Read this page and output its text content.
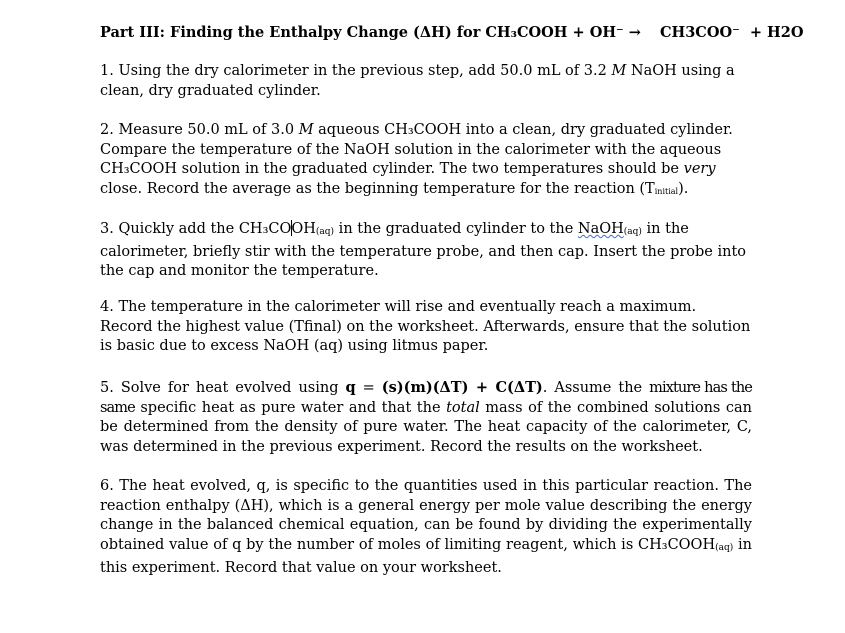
Part III: Finding the Enthalpy Change (ΔH) for CH₃COOH + OH⁻ → CH3COO⁻ + H2O

1. Using the dry calorimeter in the previous step, add 50.0 mL of 3.2 M NaOH using a clean, dry graduated cylinder.

2. Measure 50.0 mL of 3.0 M aqueous CH₃COOH into a clean, dry graduated cylinder. Compare the temperature of the NaOH solution in the calorimeter with the aqueous CH₃COOH solution in the graduated cylinder. The two temperatures should be very close. Record the average as the beginning temperature for the reaction (Tinitial).

3. Quickly add the CH₃COOH(aq) in the graduated cylinder to the NaOH(aq) in the calorimeter, briefly stir with the temperature probe, and then cap. Insert the probe into the cap and monitor the temperature.

4. The temperature in the calorimeter will rise and eventually reach a maximum. Record the highest value (Tfinal) on the worksheet. Afterwards, ensure that the solution is basic due to excess NaOH (aq) using litmus paper.

5. Solve for heat evolved using q = (s)(m)(ΔT) + C(ΔT). Assume the mixture has the same specific heat as pure water and that the total mass of the combined solutions can be determined from the density of pure water. The heat capacity of the calorimeter, C, was determined in the previous experiment. Record the results on the worksheet.

6. The heat evolved, q, is specific to the quantities used in this particular reaction. The reaction enthalpy (ΔH), which is a general energy per mole value describing the energy change in the balanced chemical equation, can be found by dividing the experimentally obtained value of q by the number of moles of limiting reagent, which is CH₃COOH(aq) in this experiment. Record that value on your worksheet.
